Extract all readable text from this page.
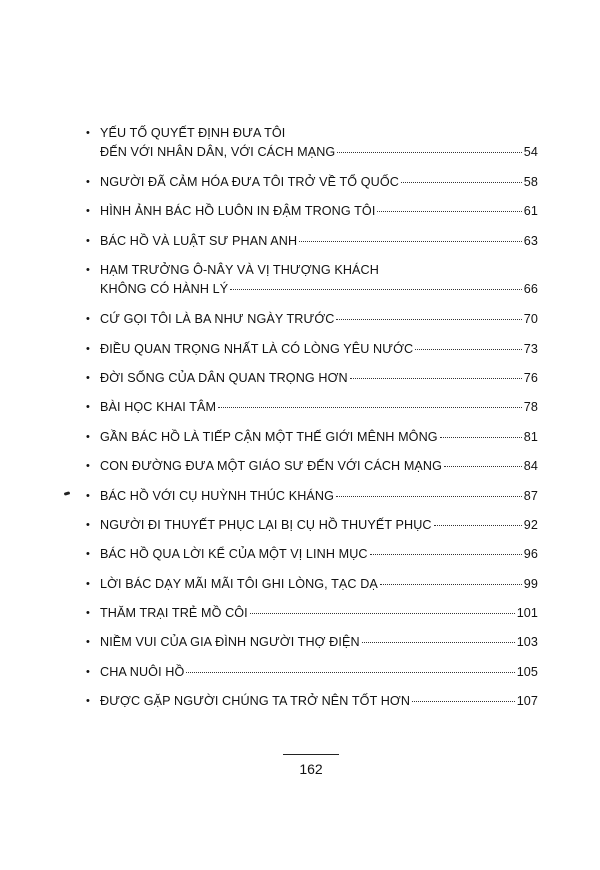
• YẾU TỐ QUYẾT ĐỊNH ĐƯA TÔI
ĐẾN VỚI NHÂN DÂN, VỚI CÁCH MẠNG	54
• NGƯỜI ĐÃ CẢM HÓA ĐƯA TÔI TRỞ VỀ TỔ QUỐC	58
• HÌNH ẢNH BÁC HỒ LUÔN IN ĐẬM TRONG TÔI	61
• BÁC HỒ VÀ LUẬT SƯ PHAN ANH	63
• HẠM TRƯỞNG Ô-NÂY VÀ VỊ THƯỢNG KHÁCH
KHÔNG CÓ HÀNH LÝ	66
• CỨ GỌI TÔI LÀ BA NHƯ NGÀY TRƯỚC	70
• ĐIỀU QUAN TRỌNG NHẤT LÀ CÓ LÒNG YÊU NƯỚC	73
• ĐỜI SỐNG CỦA DÂN QUAN TRỌNG HƠN	76
• BÀI HỌC KHAI TÂM	78
• GẦN BÁC HỒ LÀ TIẾP CẬN MỘT THẾ GIỚI MÊNH MÔNG	81
• CON ĐƯỜNG ĐƯA MỘT GIÁO SƯ ĐẾN VỚI CÁCH MẠNG	84
• BÁC HỒ VỚI CỤ HUỲNH THÚC KHÁNG	87
• NGƯỜI ĐI THUYẾT PHỤC LẠI BỊ CỤ HỒ THUYẾT PHỤC	92
• BÁC HỒ QUA LỜI KỂ CỦA MỘT VỊ LINH MỤC	96
• LỜI BÁC DẠY MÃI MÃI TÔI GHI LÒNG, TẠC DẠ	99
• THĂM TRẠI TRẺ MỒ CÔI	101
• NIỀM VUI CỦA GIA ĐÌNH NGƯỜI THỢ ĐIỆN	103
• CHA NUÔI HỒ	105
• ĐƯỢC GẶP NGƯỜI CHÚNG TA TRỞ NÊN TỐT HƠN	107
162
